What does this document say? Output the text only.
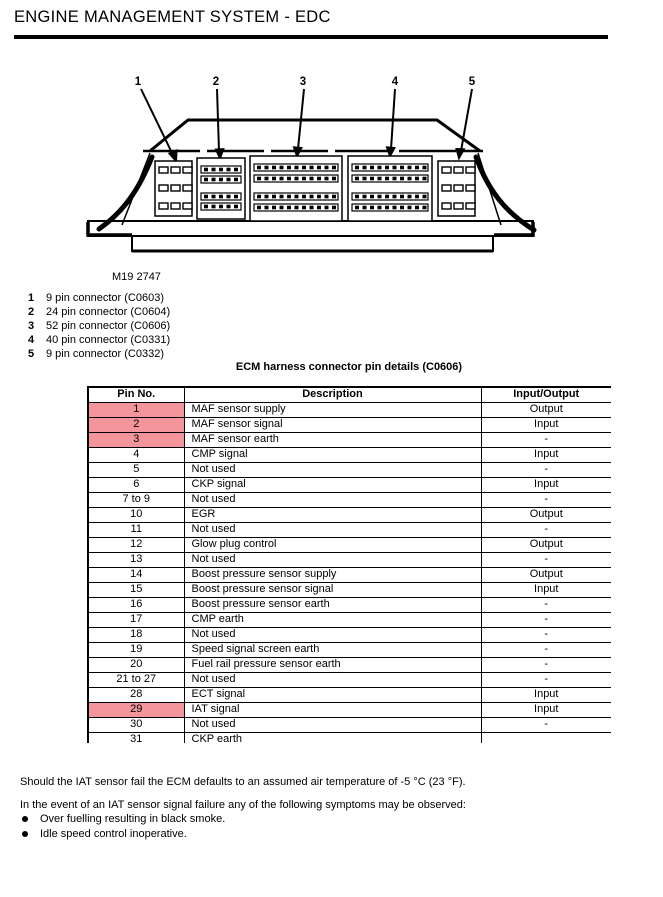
ENGINE MANAGEMENT SYSTEM - EDC
1	2	3	4	5
M19 2747
1	9 pin connector (C0603)
2	24 pin connector (C0604)
3	52 pin connector (C0606)
4	40 pin connector (C0331)
5	9 pin connector (C0332)
ECM harness connector pin details (C0606)
Pin No.	Description	Input/Output
1	MAF sensor supply	Output
2	MAF sensor signal	Input
3	MAF sensor earth	-
4	CMP signal	Input
5	Not used	-
6	CKP signal	Input
7 to 9	Not used	-
10	EGR	Output
11	Not used	-
12	Glow plug control	Output
13	Not used	-
14	Boost pressure sensor supply	Output
15	Boost pressure sensor signal	Input
16	Boost pressure sensor earth	-
17	CMP earth	-
18	Not used	-
19	Speed signal screen earth	-
20	Fuel rail pressure sensor earth	-
21 to 27	Not used	-
28	ECT signal	Input
29	IAT signal	Input
30	Not used	-
31	CKP earth	
Should the IAT sensor fail the ECM defaults to an assumed air temperature of -5 °C (23 °F).
In the event of an IAT sensor signal failure any of the following symptoms may be observed:
Over fuelling resulting in black smoke.
Idle speed control inoperative.
